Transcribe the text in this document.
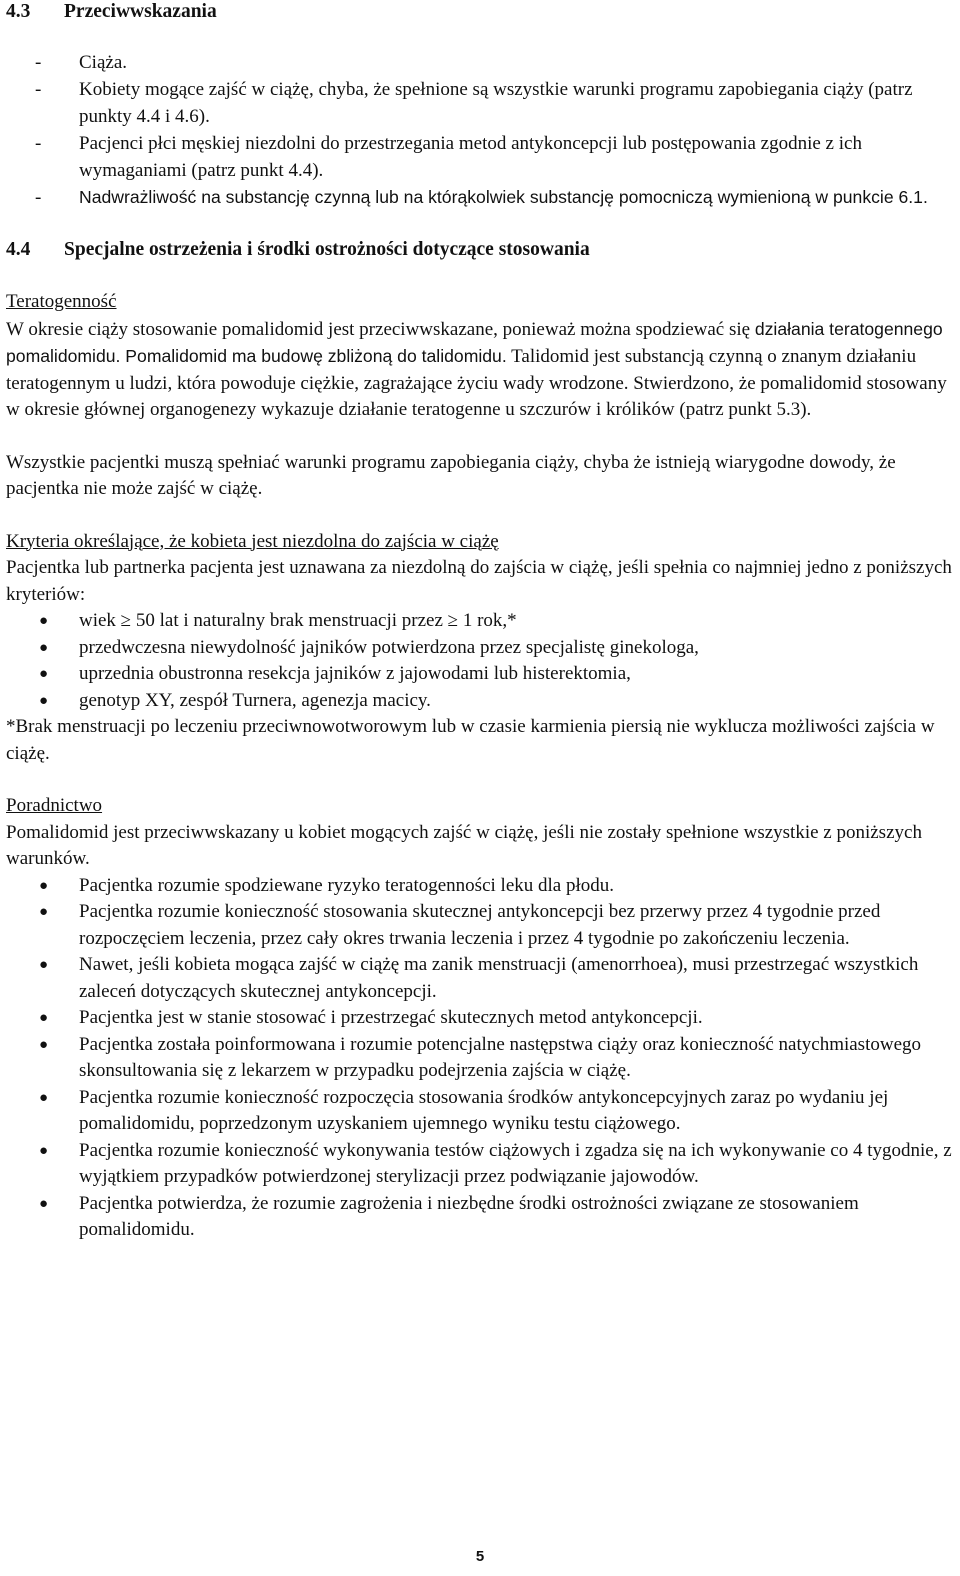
4.3	Przeciwwskazania
-	Ciąża.
-	Kobiety mogące zajść w ciążę, chyba, że spełnione są wszystkie warunki programu zapobiegania ciąży (patrz punkty 4.4 i 4.6).
-	Pacjenci płci męskiej niezdolni do przestrzegania metod antykoncepcji lub postępowania zgodnie z ich wymaganiami (patrz punkt 4.4).
-	Nadwrażliwość na substancję czynną lub na którąkolwiek substancję pomocniczą wymienioną w punkcie 6.1.
4.4	Specjalne ostrzeżenia i środki ostrożności dotyczące stosowania

Teratogenność

W okresie ciąży stosowanie pomalidomid jest przeciwwskazane, ponieważ można spodziewać się działania teratogennego pomalidomidu. Pomalidomid ma budowę zbliżoną do talidomidu. Talidomid jest substancją czynną o znanym działaniu teratogennym u ludzi, która powoduje ciężkie, zagrażające życiu wady wrodzone. Stwierdzono, że pomalidomid stosowany w okresie głównej organogenezy wykazuje działanie teratogenne u szczurów i królików (patrz punkt 5.3).

Wszystkie pacjentki muszą spełniać warunki programu zapobiegania ciąży, chyba że istnieją wiarygodne dowody, że pacjentka nie może zajść w ciążę.

Kryteria określające, że kobieta jest niezdolna do zajścia w ciążę

Pacjentka lub partnerka pacjenta jest uznawana za niezdolną do zajścia w ciążę, jeśli spełnia co najmniej jedno z poniższych kryteriów:

●	wiek ≥ 50 lat i naturalny brak menstruacji przez ≥ 1 rok,*
●	przedwczesna niewydolność jajników potwierdzona przez specjalistę ginekologa,
●	uprzednia obustronna resekcja jajników z jajowodami lub histerektomia,
●	genotyp XY, zespół Turnera, agenezja macicy.

*Brak menstruacji po leczeniu przeciwnowotworowym lub w czasie karmienia piersią nie wyklucza możliwości zajścia w ciążę.

Poradnictwo

Pomalidomid jest przeciwwskazany u kobiet mogących zajść w ciążę, jeśli nie zostały spełnione wszystkie z poniższych warunków.

●	Pacjentka rozumie spodziewane ryzyko teratogenności leku dla płodu.
●	Pacjentka rozumie konieczność stosowania skutecznej antykoncepcji bez przerwy przez 4 tygodnie przed rozpoczęciem leczenia, przez cały okres trwania leczenia i przez 4 tygodnie po zakończeniu leczenia.
●	Nawet, jeśli kobieta mogąca zajść w ciążę ma zanik menstruacji (amenorrhoea), musi przestrzegać wszystkich zaleceń dotyczących skutecznej antykoncepcji.
●	Pacjentka jest w stanie stosować i przestrzegać skutecznych metod antykoncepcji.
●	Pacjentka została poinformowana i rozumie potencjalne następstwa ciąży oraz konieczność natychmiastowego skonsultowania się z lekarzem w przypadku podejrzenia zajścia w ciążę.
●	Pacjentka rozumie konieczność rozpoczęcia stosowania środków antykoncepcyjnych zaraz po wydaniu jej pomalidomidu, poprzedzonym uzyskaniem ujemnego wyniku testu ciążowego.
●	Pacjentka rozumie konieczność wykonywania testów ciążowych i zgadza się na ich wykonywanie co 4 tygodnie, z wyjątkiem przypadków potwierdzonej sterylizacji przez podwiązanie jajowodów.
●	Pacjentka potwierdza, że rozumie zagrożenia i niezbędne środki ostrożności związane ze stosowaniem pomalidomidu.
5
